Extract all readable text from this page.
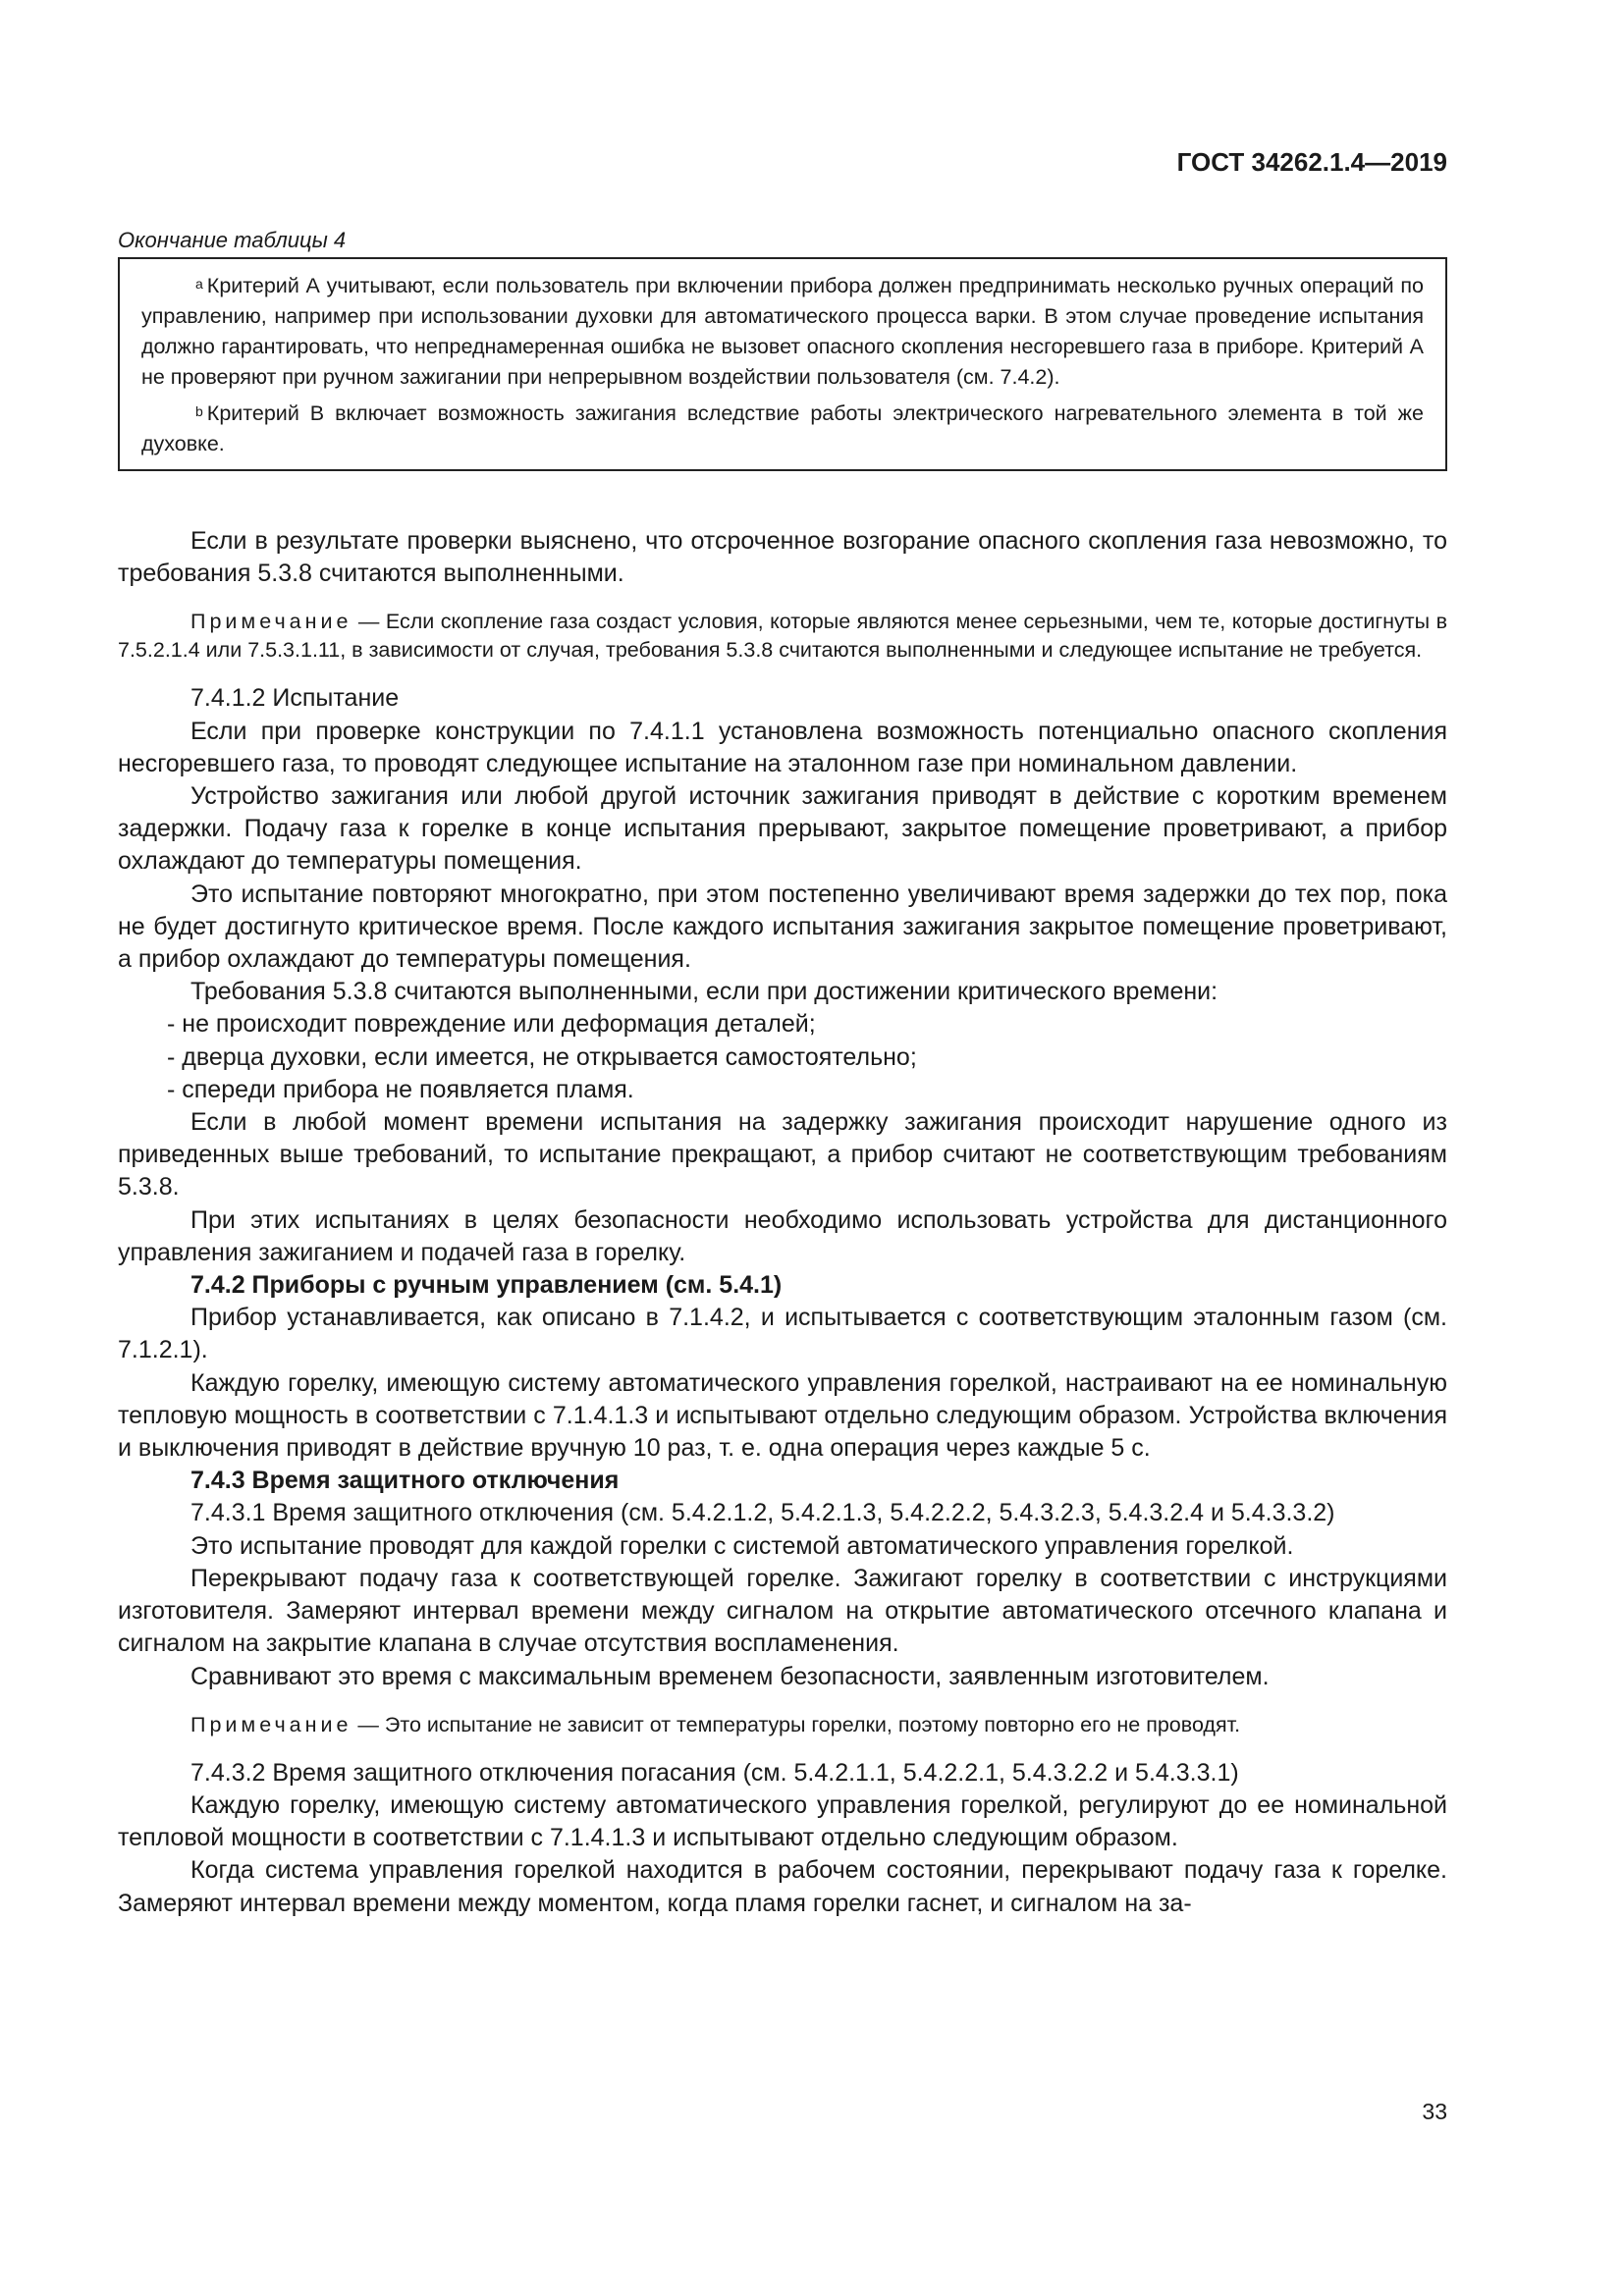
ГОСТ 34262.1.4—2019
Окончание таблицы 4

$^a$ Критерий А учитывают, если пользователь при включении прибора должен предпринимать несколько ручных операций по управлению, например при использовании духовки для автоматического процесса варки. В этом случае проведение испытания должно гарантировать, что непреднамеренная ошибка не вызовет опасного скопления несгоревшего газа в приборе. Критерий А не проверяют при ручном зажигании при непрерывном воздействии пользователя (см. 7.4.2).

$^b$ Критерий В включает возможность зажигания вследствие работы электрического нагревательного элемента в той же духовке.

Если в результате проверки выяснено, что отсроченное возгорание опасного скопления газа невозможно, то требования 5.3.8 считаются выполненными.

Примечание — Если скопление газа создаст условия, которые являются менее серьезными, чем те, которые достигнуты в 7.5.2.1.4 или 7.5.3.1.11, в зависимости от случая, требования 5.3.8 считаются выполненными и следующее испытание не требуется.

7.4.1.2 Испытание

Если при проверке конструкции по 7.4.1.1 установлена возможность потенциально опасного скопления несгоревшего газа, то проводят следующее испытание на эталонном газе при номинальном давлении.

Устройство зажигания или любой другой источник зажигания приводят в действие с коротким временем задержки. Подачу газа к горелке в конце испытания прерывают, закрытое помещение проветривают, а прибор охлаждают до температуры помещения.

Это испытание повторяют многократно, при этом постепенно увеличивают время задержки до тех пор, пока не будет достигнуто критическое время. После каждого испытания зажигания закрытое помещение проветривают, а прибор охлаждают до температуры помещения.

Требования 5.3.8 считаются выполненными, если при достижении критического времени:

- не происходит повреждение или деформация деталей;

- дверца духовки, если имеется, не открывается самостоятельно;

- спереди прибора не появляется пламя.

Если в любой момент времени испытания на задержку зажигания происходит нарушение одного из приведенных выше требований, то испытание прекращают, а прибор считают не соответствующим требованиям 5.3.8.

При этих испытаниях в целях безопасности необходимо использовать устройства для дистанционного управления зажиганием и подачей газа в горелку.

7.4.2 Приборы с ручным управлением (см. 5.4.1)

Прибор устанавливается, как описано в 7.1.4.2, и испытывается с соответствующим эталонным газом (см. 7.1.2.1).

Каждую горелку, имеющую систему автоматического управления горелкой, настраивают на ее номинальную тепловую мощность в соответствии с 7.1.4.1.3 и испытывают отдельно следующим образом. Устройства включения и выключения приводят в действие вручную 10 раз, т. е. одна операция через каждые 5 с.

7.4.3 Время защитного отключения

7.4.3.1 Время защитного отключения (см. 5.4.2.1.2, 5.4.2.1.3, 5.4.2.2.2, 5.4.3.2.3, 5.4.3.2.4 и 5.4.3.3.2)

Это испытание проводят для каждой горелки с системой автоматического управления горелкой.

Перекрывают подачу газа к соответствующей горелке. Зажигают горелку в соответствии с инструкциями изготовителя. Замеряют интервал времени между сигналом на открытие автоматического отсечного клапана и сигналом на закрытие клапана в случае отсутствия воспламенения.

Сравнивают это время с максимальным временем безопасности, заявленным изготовителем.

Примечание — Это испытание не зависит от температуры горелки, поэтому повторно его не проводят.

7.4.3.2 Время защитного отключения погасания (см. 5.4.2.1.1, 5.4.2.2.1, 5.4.3.2.2 и 5.4.3.3.1)

Каждую горелку, имеющую систему автоматического управления горелкой, регулируют до ее номинальной тепловой мощности в соответствии с 7.1.4.1.3 и испытывают отдельно следующим образом.

Когда система управления горелкой находится в рабочем состоянии, перекрывают подачу газа к горелке. Замеряют интервал времени между моментом, когда пламя горелки гаснет, и сигналом на за-

33
